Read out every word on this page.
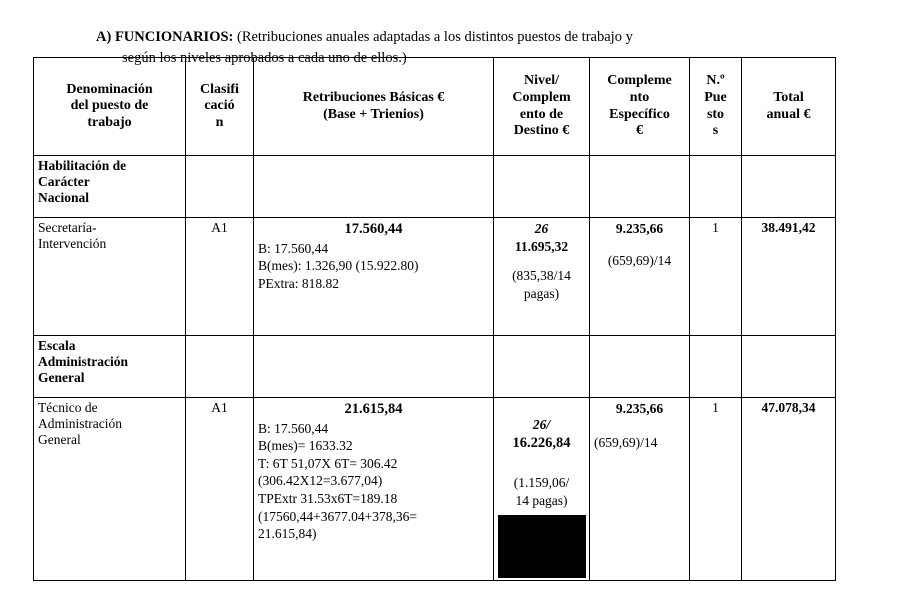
A) FUNCIONARIOS: (Retribuciones anuales adaptadas a los distintos puestos de trabajo y
según los niveles aprobados a cada uno de ellos.)

Denominación
del puesto de
trabajo	Clasifi
cació
n	Retribuciones Básicas €
(Base + Trienios)	Nivel/
Complem
ento de
Destino €	Compleme
nto
Específico
€	N.º
Pue
sto
s	Total
anual €
Habilitación de
Carácter
Nacional						
Secretaría-
Intervención	A1	17.560,44
B: 17.560,44
B(mes): 1.326,90 (15.922.80)
PExtra: 818.82	26
11.695,32
(835,38/14
pagas)	9.235,66
(659,69)/14	1	38.491,42
Escala
Administración
General						
Técnico de
Administración
General	A1	21.615,84
B: 17.560,44
B(mes)= 1633.32
T: 6T 51,07X 6T= 306.42
(306.42X12=3.677,04)
TPExtr 31.53x6T=189.18
(17560,44+3677.04+378,36=
21.615,84)

26/
16.226,84
(1.159,06/
14 pagas)

9.235,66
(659,69)/14	1	47.078,34
